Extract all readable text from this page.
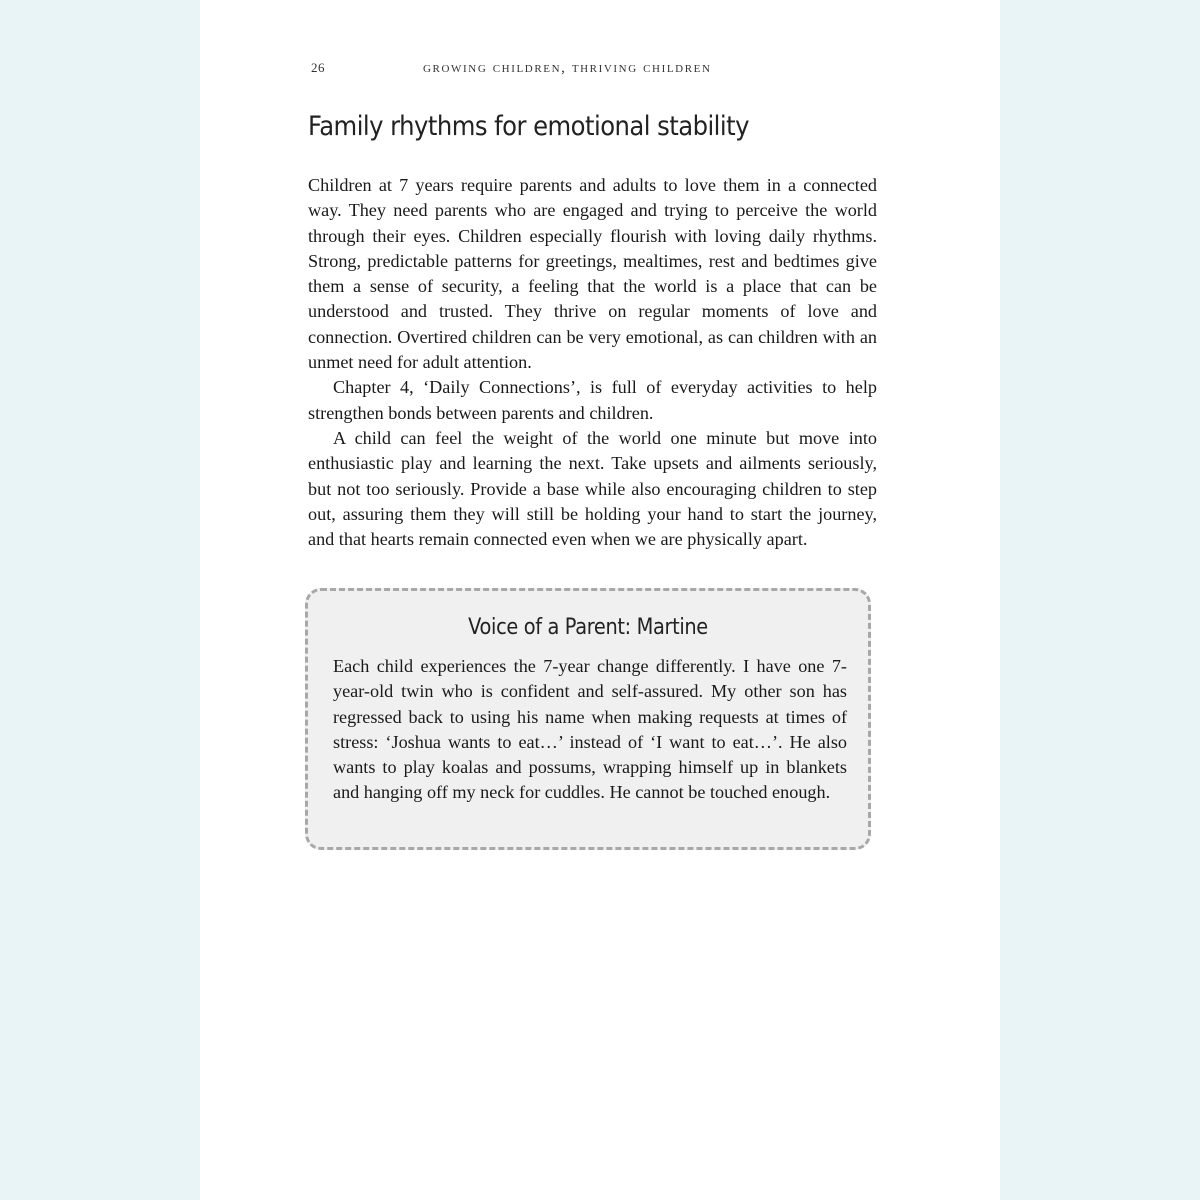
26	growing children, thriving children
Family rhythms for emotional stability

Children at 7 years require parents and adults to love them in a connected way. They need parents who are engaged and trying to perceive the world through their eyes. Children especially flourish with loving daily rhythms. Strong, predictable patterns for greetings, mealtimes, rest and bedtimes give them a sense of security, a feeling that the world is a place that can be understood and trusted. They thrive on regular moments of love and connection. Overtired children can be very emotional, as can children with an unmet need for adult attention.

Chapter 4, ‘Daily Connections’, is full of everyday activities to help strengthen bonds between parents and children.

A child can feel the weight of the world one minute but move into enthusiastic play and learning the next. Take upsets and ailments seriously, but not too seriously. Provide a base while also encouraging children to step out, assuring them they will still be holding your hand to start the journey, and that hearts remain connected even when we are physically apart.

Voice of a Parent: Martine

Each child experiences the 7-year change differently. I have one 7-year-old twin who is confident and self-assured. My other son has regressed back to using his name when making requests at times of stress: ‘Joshua wants to eat…’ instead of ‘I want to eat…’. He also wants to play koalas and possums, wrapping himself up in blankets and hanging off my neck for cuddles. He cannot be touched enough.
